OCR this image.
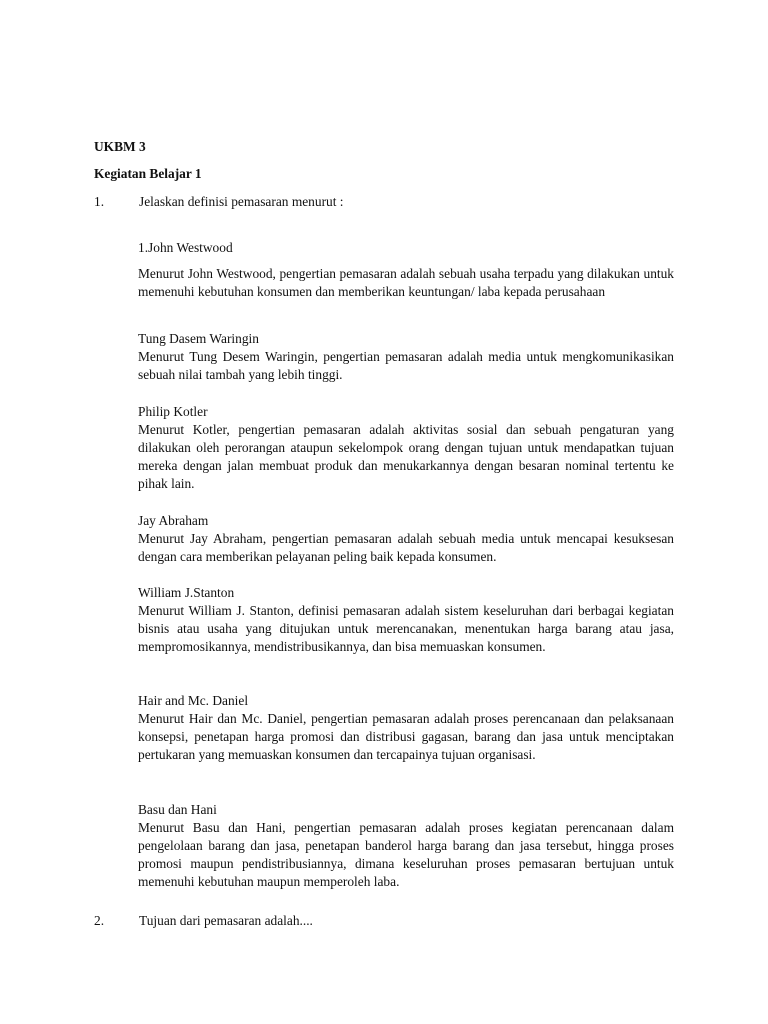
UKBM 3
Kegiatan Belajar 1
1.	Jelaskan definisi pemasaran menurut :
1.John Westwood

Menurut John Westwood, pengertian pemasaran adalah sebuah usaha terpadu yang dilakukan untuk memenuhi kebutuhan konsumen dan memberikan keuntungan/ laba kepada perusahaan

Tung Dasem Waringin

Menurut Tung Desem Waringin, pengertian pemasaran adalah media untuk mengkomunikasikan sebuah nilai tambah yang lebih tinggi.

Philip Kotler

Menurut Kotler, pengertian pemasaran adalah aktivitas sosial dan sebuah pengaturan yang dilakukan oleh perorangan ataupun sekelompok orang dengan tujuan untuk mendapatkan tujuan mereka dengan jalan membuat produk dan menukarkannya dengan besaran nominal tertentu ke pihak lain.

Jay Abraham

Menurut Jay Abraham, pengertian pemasaran adalah sebuah media untuk mencapai kesuksesan dengan cara memberikan pelayanan peling baik kepada konsumen.

William J.Stanton

Menurut William J. Stanton, definisi pemasaran adalah sistem keseluruhan dari berbagai kegiatan bisnis atau usaha yang ditujukan untuk merencanakan, menentukan harga barang atau jasa, mempromosikannya, mendistribusikannya, dan bisa memuaskan konsumen.

Hair and Mc. Daniel

Menurut Hair dan Mc. Daniel, pengertian pemasaran adalah proses perencanaan dan pelaksanaan konsepsi, penetapan harga promosi dan distribusi gagasan, barang dan jasa untuk menciptakan pertukaran yang memuaskan konsumen dan tercapainya tujuan organisasi.

Basu dan Hani

Menurut Basu dan Hani, pengertian pemasaran adalah proses kegiatan perencanaan dalam pengelolaan barang dan jasa, penetapan banderol harga barang dan jasa tersebut, hingga proses promosi maupun pendistribusiannya, dimana keseluruhan proses pemasaran bertujuan untuk memenuhi kebutuhan maupun memperoleh laba.

2.	Tujuan dari pemasaran adalah....
